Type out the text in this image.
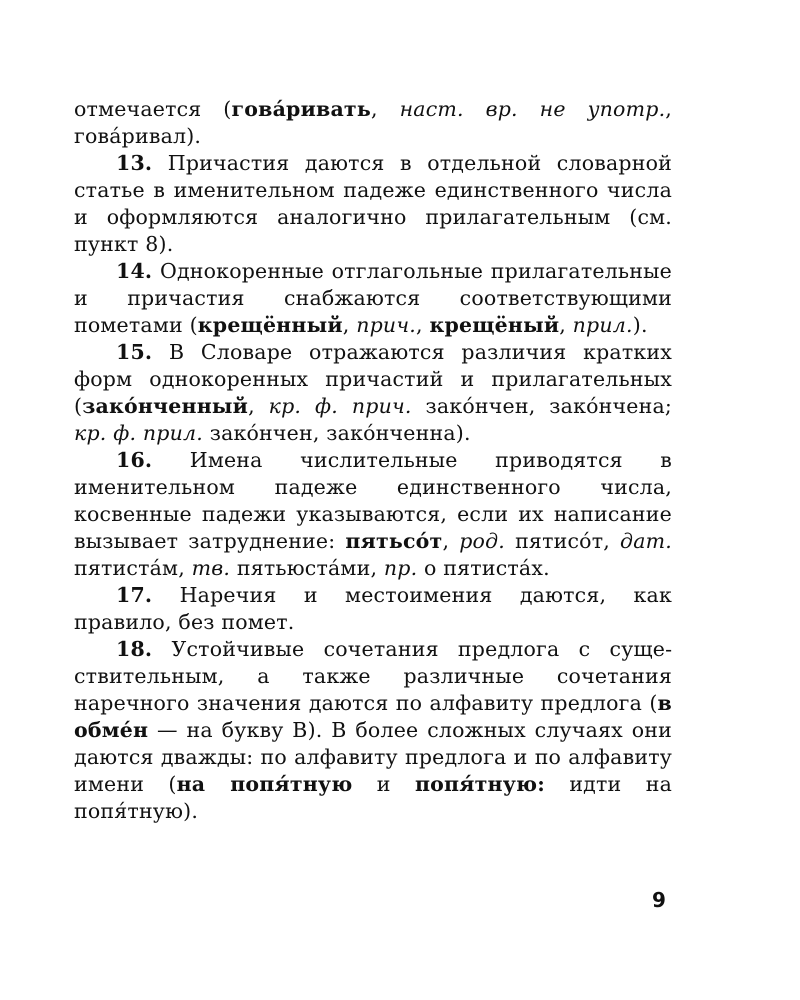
отмечается (гова́ривать, наст. вр. не употр., гова́ривал).

13. Причастия даются в отдельной словарной статье в именительном падеже единственного числа и оформляются аналогично прилагательным (см. пункт 8).

14. Однокоренные отглагольные прилагательные и причастия снабжаются соответствующими пометами (крещённый, прич., крещёный, прил.).

15. В Словаре отражаются различия кратких форм однокоренных причастий и прилагательных (зако́нченный, кр. ф. прич. зако́нчен, зако́нчена; кр. ф. прил. зако́нчен, зако́нченна).

16. Имена числительные приводятся в именительном падеже единственного числа, косвенные падежи указываются, если их написание вызывает затруднение: пятьсо́т, род. пятисо́т, дат. пятиста́м, тв. пятьюста́ми, пр. о пятиста́х.

17. Наречия и местоимения даются, как правило, без помет.

18. Устойчивые сочетания предлога с существительным, а также различные сочетания наречного значения даются по алфавиту предлога (в обме́н — на букву В). В более сложных случаях они даются дважды: по алфавиту предлога и по алфавиту имени (на попя́тную и попя́тную: идти на попя́тную).

9
